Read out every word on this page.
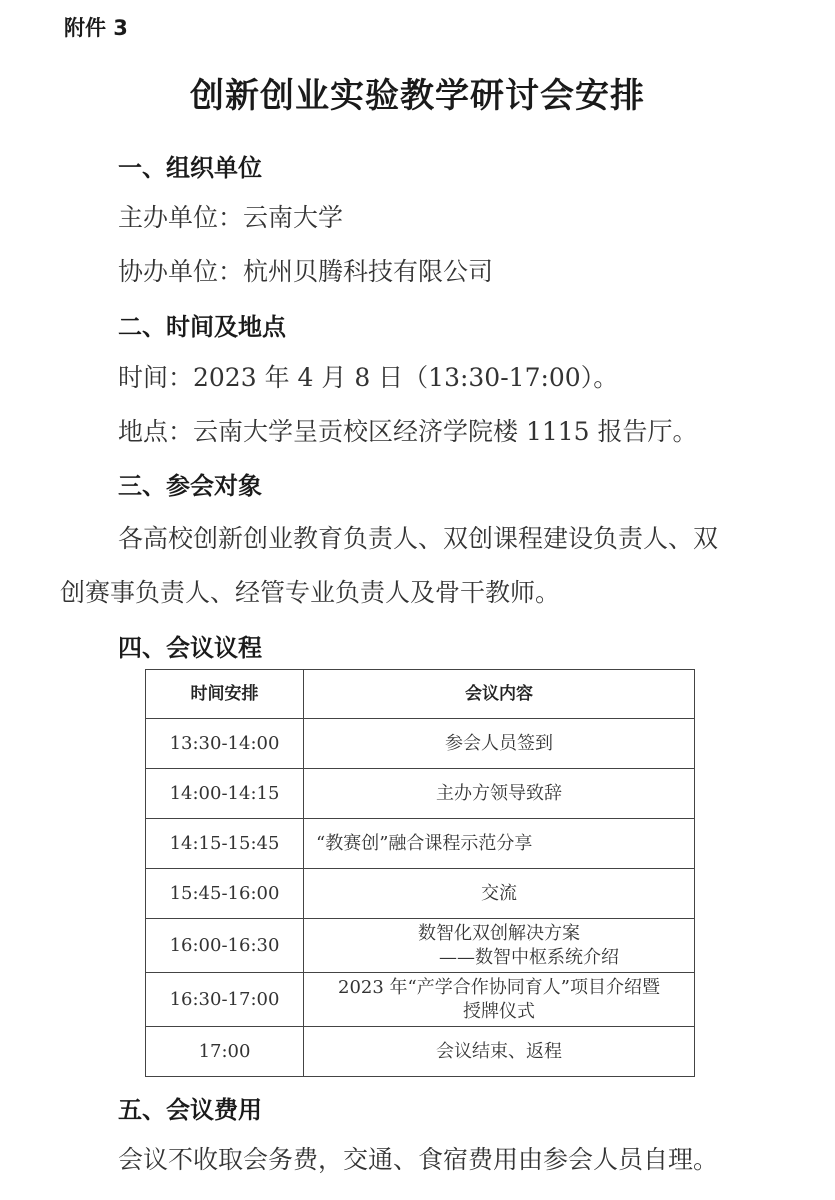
附件 3
创新创业实验教学研讨会安排
一、组织单位
主办单位：云南大学
协办单位：杭州贝腾科技有限公司
二、时间及地点
时间：2023 年 4 月 8 日（13:30-17:00）。
地点：云南大学呈贡校区经济学院楼 1115 报告厅。
三、参会对象
各高校创新创业教育负责人、双创课程建设负责人、双
创赛事负责人、经管专业负责人及骨干教师。
四、会议议程
时间安排	会议内容
13:30-14:00	参会人员签到
14:00-14:15	主办方领导致辞
14:15-15:45	“教赛创”融合课程示范分享
15:45-16:00	交流
16:00-16:30	数智化双创解决方案
——数智中枢系统介绍

16:30-17:00	2023 年“产学合作协同育人”项目介绍暨
授牌仪式

17:00	会议结束、返程
五、会议费用
会议不收取会务费，交通、食宿费用由参会人员自理。
